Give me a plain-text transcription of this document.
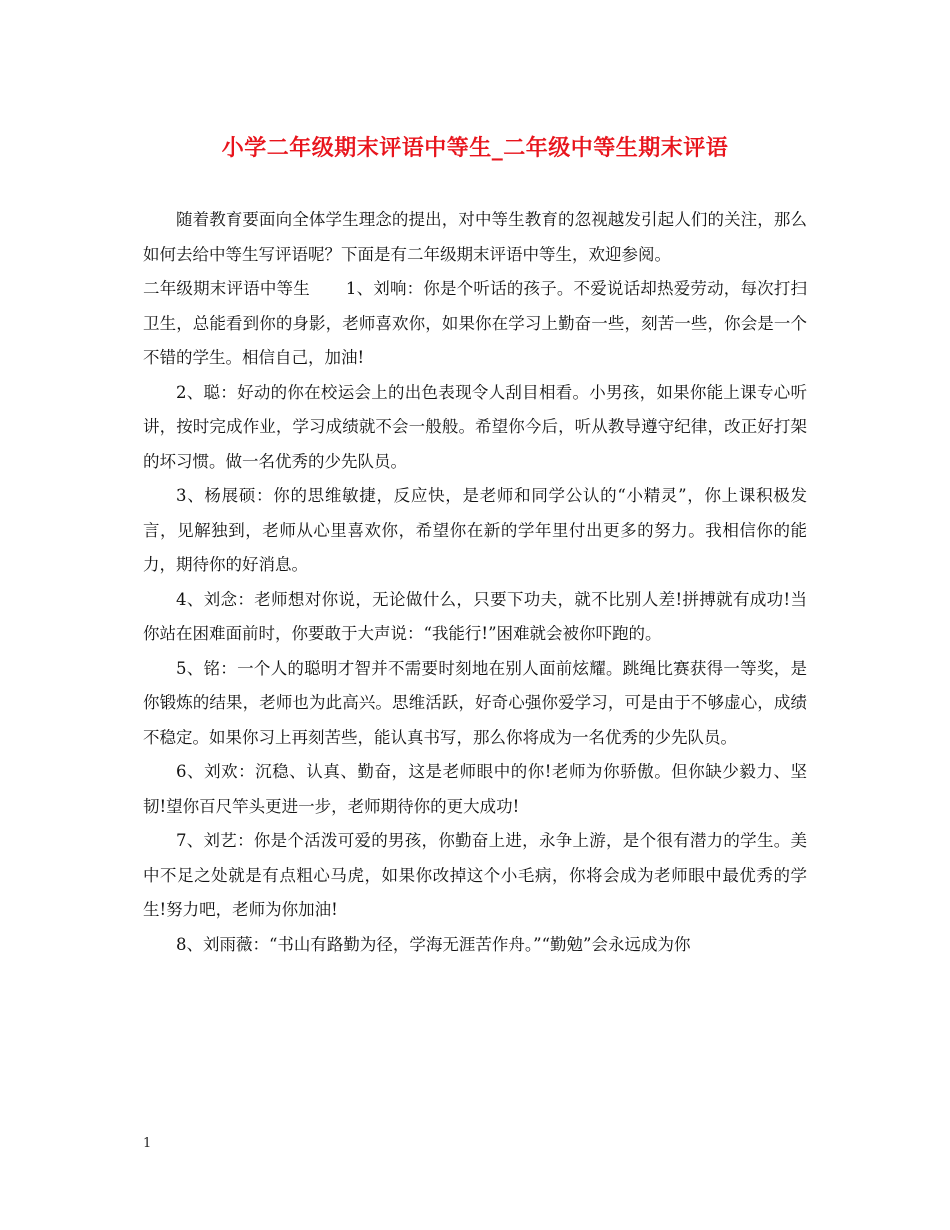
小学二年级期末评语中等生_二年级中等生期末评语

随着教育要面向全体学生理念的提出，对中等生教育的忽视越发引起人们的关注，那么如何去给中等生写评语呢？下面是有二年级期末评语中等生，欢迎参阅。

二年级期末评语中等生 1、刘响：你是个听话的孩子。不爱说话却热爱劳动，每次打扫卫生，总能看到你的身影，老师喜欢你，如果你在学习上勤奋一些，刻苦一些，你会是一个不错的学生。相信自己，加油!

2、聪：好动的你在校运会上的出色表现令人刮目相看。小男孩，如果你能上课专心听讲，按时完成作业，学习成绩就不会一般般。希望你今后，听从教导遵守纪律，改正好打架的坏习惯。做一名优秀的少先队员。

3、杨展硕：你的思维敏捷，反应快，是老师和同学公认的“小精灵”，你上课积极发言，见解独到，老师从心里喜欢你，希望你在新的学年里付出更多的努力。我相信你的能力，期待你的好消息。

4、刘念：老师想对你说，无论做什么，只要下功夫，就不比别人差!拼搏就有成功!当你站在困难面前时，你要敢于大声说：“我能行!”困难就会被你吓跑的。

5、铭：一个人的聪明才智并不需要时刻地在别人面前炫耀。跳绳比赛获得一等奖，是你锻炼的结果，老师也为此高兴。思维活跃，好奇心强你爱学习，可是由于不够虚心，成绩不稳定。如果你习上再刻苦些，能认真书写，那么你将成为一名优秀的少先队员。

6、刘欢：沉稳、认真、勤奋，这是老师眼中的你!老师为你骄傲。但你缺少毅力、坚韧!望你百尺竿头更进一步，老师期待你的更大成功!

7、刘艺：你是个活泼可爱的男孩，你勤奋上进，永争上游，是个很有潜力的学生。美中不足之处就是有点粗心马虎，如果你改掉这个小毛病，你将会成为老师眼中最优秀的学生!努力吧，老师为你加油!

8、刘雨薇：“书山有路勤为径，学海无涯苦作舟。”“勤勉”会永远成为你

1
